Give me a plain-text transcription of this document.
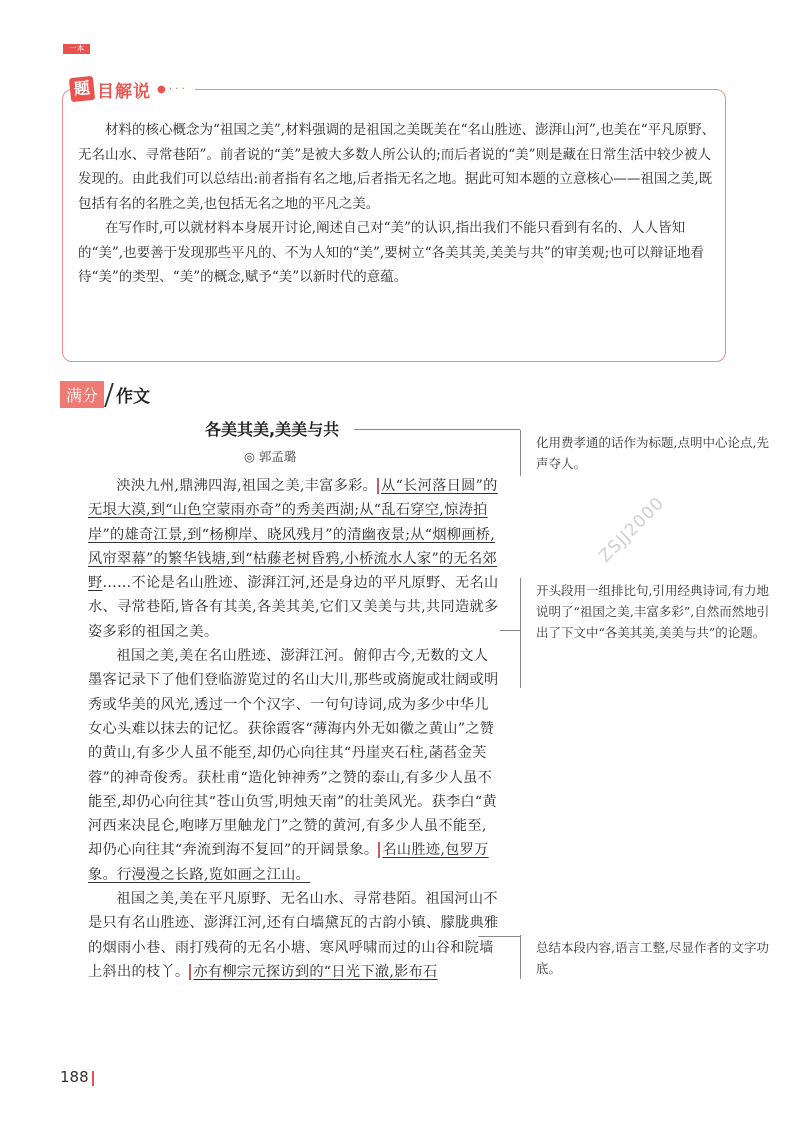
一本
题 目解说 ● · · ·

材料的核心概念为“祖国之美”,材料强调的是祖国之美既美在“名山胜迹、澎湃山河”,也美在“平凡原野、无名山水、寻常巷陌”。前者说的“美”是被大多数人所公认的;而后者说的“美”则是藏在日常生活中较少被人发现的。由此我们可以总结出:前者指有名之地,后者指无名之地。据此可知本题的立意核心——祖国之美,既包括有名的名胜之美,也包括无名之地的平凡之美。

在写作时,可以就材料本身展开讨论,阐述自己对“美”的认识,指出我们不能只看到有名的、人人皆知的“美”,也要善于发现那些平凡的、不为人知的“美”,要树立“各美其美,美美与共”的审美观;也可以辩证地看待“美”的类型、“美”的概念,赋予“美”以新时代的意蕴。

满分	作文
各美其美,美美与共
◎ 郭孟璐

泱泱九州,鼎沸四海,祖国之美,丰富多彩。 从“长河落日圆”的无垠大漠,到“山色空蒙雨亦奇”的秀美西湖;从“乱石穿空,惊涛拍岸”的雄奇江景,到“杨柳岸、晓风残月”的清幽夜景;从“烟柳画桥,风帘翠幕”的繁华钱塘,到“枯藤老树昏鸦,小桥流水人家”的无名郊野……不论是名山胜迹、澎湃江河,还是身边的平凡原野、无名山水、寻常巷陌,皆各有其美,各美其美,它们又美美与共,共同造就多姿多彩的祖国之美。

祖国之美,美在名山胜迹、澎湃江河。俯仰古今,无数的文人墨客记录下了他们登临游览过的名山大川,那些或旖旎或壮阔或明秀或华美的风光,透过一个个汉字、一句句诗词,成为多少中华儿女心头难以抹去的记忆。获徐霞客“薄海内外无如徽之黄山”之赞的黄山,有多少人虽不能至,却仍心向往其“丹崖夹石柱,菡萏金芙蓉”的神奇俊秀。获杜甫“造化钟神秀”之赞的泰山,有多少人虽不能至,却仍心向往其“苍山负雪,明烛天南”的壮美风光。获李白“黄河西来决昆仑,咆哮万里触龙门”之赞的黄河,有多少人虽不能至,却仍心向往其“奔流到海不复回”的开阔景象。 名山胜迹,包罗万象。行漫漫之长路,览如画之江山。

祖国之美,美在平凡原野、无名山水、寻常巷陌。祖国河山不是只有名山胜迹、澎湃江河,还有白墙黛瓦的古韵小镇、朦胧典雅的烟雨小巷、雨打残荷的无名小塘、寒风呼啸而过的山谷和院墙上斜出的枝丫。 亦有柳宗元探访到的“日光下澈,影布石

化用费孝通的话作为标题,点明中心论点,先声夺人。
开头段用一组排比句,引用经典诗词,有力地说明了“祖国之美,丰富多彩”,自然而然地引出了下文中“各美其美,美美与共”的论题。
总结本段内容,语言工整,尽显作者的文字功底。
ZSJJ2000
188
